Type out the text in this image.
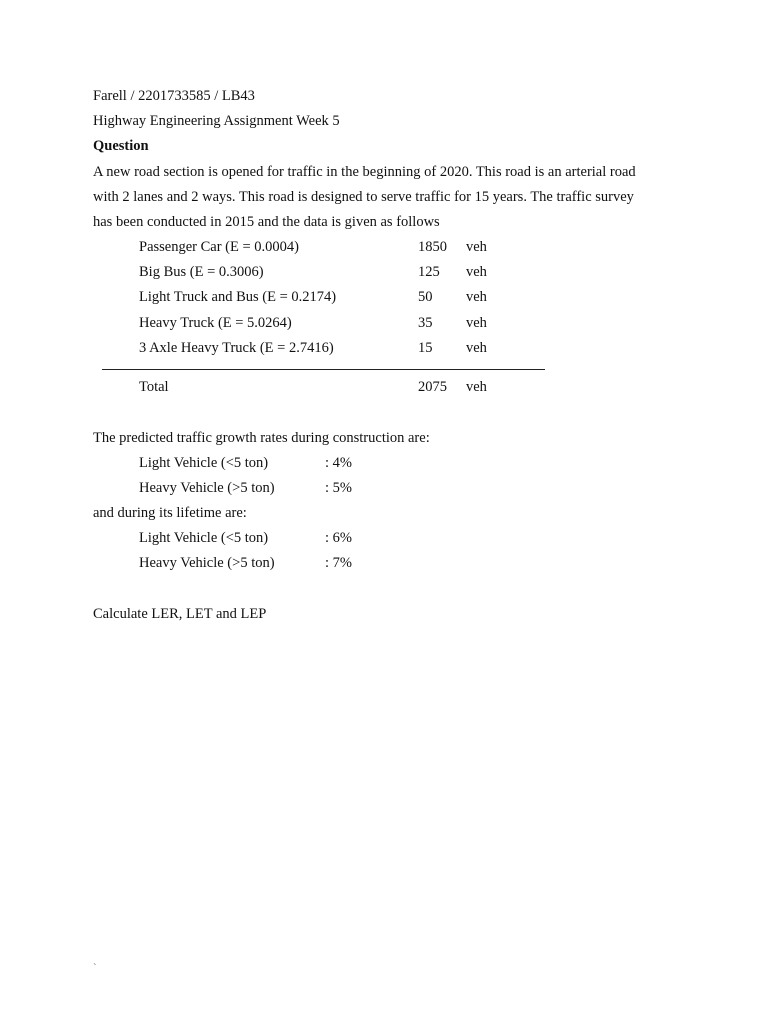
Farell / 2201733585 / LB43
Highway Engineering Assignment Week 5
Question
A new road section is opened for traffic in the beginning of 2020. This road is an arterial road
with 2 lanes and 2 ways. This road is designed to serve traffic for 15 years. The traffic survey
has been conducted in 2015 and the data is given as follows
Passenger Car (E = 0.0004)	1850 veh
Big Bus (E = 0.3006)	125 veh
Light Truck and Bus (E = 0.2174)	50 veh
Heavy Truck (E = 5.0264)	35 veh
3 Axle Heavy Truck (E = 2.7416)	15 veh
Total	2075 veh
The predicted traffic growth rates during construction are:
Light Vehicle (<5 ton)	: 4%
Heavy Vehicle (>5 ton)	: 5%
and during its lifetime are:
Light Vehicle (<5 ton)	: 6%
Heavy Vehicle (>5 ton)	: 7%
Calculate LER, LET and LEP
`
